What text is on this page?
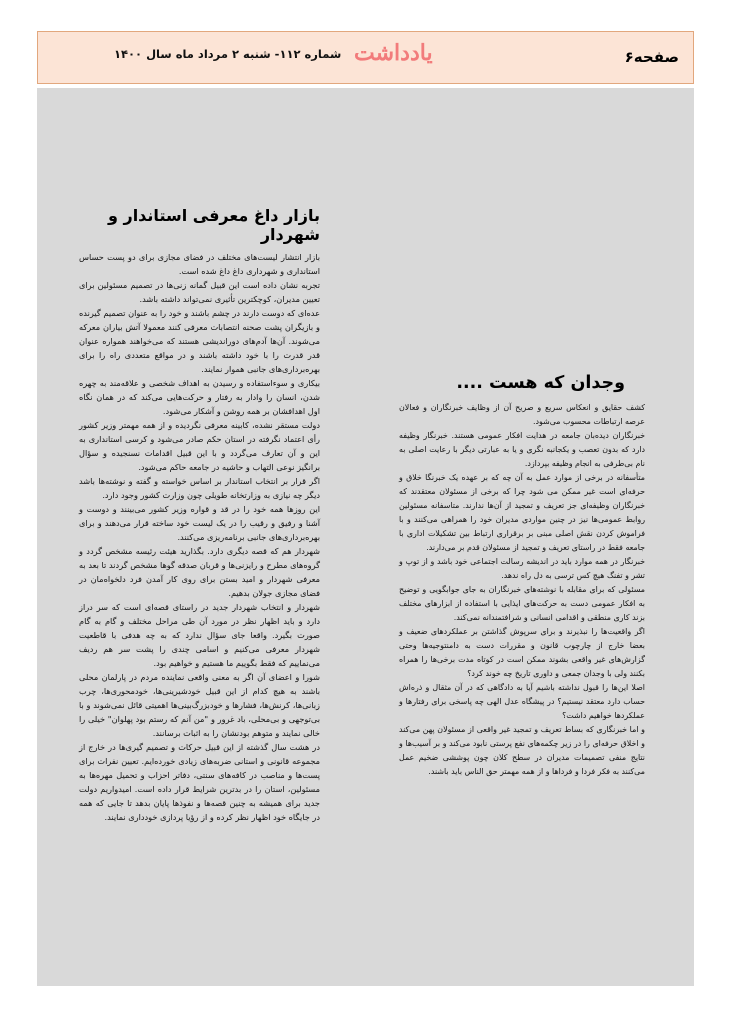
صفحه۶
یادداشت
شماره ۱۱۲- شنبه ۲ مرداد ماه سال ۱۴۰۰
بازار داغ معرفی استاندار و شهردار

بازار انتشار لیست‌های مختلف در فضای مجازی برای دو پست حساس استانداری و شهرداری داغ داغ شده است.

تجربه نشان داده است این قبیل گمانه زنی‌ها در تصمیم مسئولین برای تعیین مدیران، کوچکترین تأثیری نمی‌تواند داشته باشد.

عده‌ای که دوست دارند در چشم باشند و خود را به عنوان تصمیم گیرنده و بازیگران پشت صحنه انتصابات معرفی کنند معمولا آتش بیاران معرکه می‌شوند. آن‌ها آدم‌های دوراندیشی هستند که می‌خواهند همواره عنوان قدر قدرت را با خود داشته باشند و در مواقع متعددی راه را برای بهره‌برداری‌های جانبی هموار نمایند.

بیکاری و سوءاستفاده و رسیدن به اهداف شخصی و علاقه‌مند به چهره شدن، انسان را وادار به رفتار و حرکت‌هایی می‌کند که در همان نگاه اول اهدافشان بر همه روشن و آشکار می‌شود.

دولت مستقر نشده، کابینه معرفی نگردیده و از همه مهمتر وزیر کشور رأی اعتماد نگرفته در استان حکم صادر می‌شود و کرسی استانداری به این و آن تعارف می‌گردد و با این قبیل اقدامات نسنجیده و سؤال برانگیز نوعی التهاب و حاشیه در جامعه حاکم می‌شود.

اگر قرار بر انتخاب استاندار بر اساس خواسته و گفته و نوشته‌ها باشد دیگر چه نیازی به وزارتخانه طویلی چون وزارت کشور وجود دارد.

این روزها همه خود را در قد و قواره وزیر کشور می‌بینند و دوست و آشنا و رفیق و رقیب را در یک لیست خود ساخته قرار می‌دهند و برای بهره‌برداری‌های جانبی برنامه‌ریزی می‌کنند.

شهردار هم که قصه دیگری دارد. بگذارید هیئت رئیسه مشخص گردد و گروه‌های مطرح و رایزنی‌ها و قربان صدقه گوها مشخص گردند تا بعد به معرفی شهردار و امید بستن برای روی کار آمدن فرد دلخواه‌مان در فضای مجازی جولان بدهیم.

شهردار و انتخاب شهردار جدید در راستای قصه‌ای است که سر دراز دارد و باید اظهار نظر در مورد آن طی مراحل مختلف و گام به گام صورت بگیرد. واقعا جای سؤال ندارد که به چه هدفی با قاطعیت شهردار معرفی می‌کنیم و اسامی چندی را پشت سر هم ردیف می‌نماییم که فقط بگوییم ما هستیم و خواهیم بود.

شورا و اعضای آن اگر به معنی واقعی نماینده مردم در پارلمان محلی باشند به هیچ کدام از این قبیل خودشیرینی‌ها، خودمحوری‌ها، چرب زبانی‌ها، کرنش‌ها، فشارها و خودبزرگ‌بینی‌ها اهمیتی قائل نمی‌شوند و با بی‌توجهی و بی‌محلی، باد غرور و "من آنم که رستم بود پهلوان" خیلی را خالی نمایند و متوهم بودنشان را به اثبات برسانند.

در هشت سال گذشته از این قبیل حرکات و تصمیم گیری‌ها در خارج از مجموعه قانونی و استانی ضربه‌های زیادی خورده‌ایم. تعیین نفرات برای پست‌ها و مناصب در کافه‌های سنتی، دفاتر احزاب و تحمیل مهره‌ها به مسئولین، استان را در بدترین شرایط قرار داده است. امیدواریم دولت جدید برای همیشه به چنین قصه‌ها و نفوذها پایان بدهد تا جایی که همه در جایگاه خود اظهار نظر کرده و از رؤیا پردازی خودداری نمایند.

وجدان که هست ....

کشف حقایق و انعکاس سریع و صریح آن از وظایف خبرنگاران و فعالان عرصه ارتباطات محسوب می‌شود.

خبرنگاران دیده‌بان جامعه در هدایت افکار عمومی هستند. خبرنگار وظیفه دارد که بدون تعصب و یکجانبه نگری و یا به عبارتی دیگر با رعایت اصلی به نام بی‌طرفی به انجام وظیفه بپردازد.

متأسفانه در برخی از موارد عمل به آن چه که بر عهده یک خبرنگا خلاق و حرفه‌ای است غیر ممکن می شود چرا که برخی از مسئولان معتقدند که خبرنگاران وظیفه‌ای جز تعریف و تمجید از آن‌ها ندارند. متاسفانه مسئولین روابط عمومی‌ها نیز در چنین مواردی مدیران خود را همراهی می‌کنند و با فراموش کردن نقش اصلی مبنی بر برقراری ارتباط بین تشکیلات اداری با جامعه فقط در راستای تعریف و تمجید از مسئولان قدم بر می‌دارند.

خبرنگار در همه موارد باید در اندیشه رسالت اجتماعی خود باشد و از توپ و تشر و تفنگ هیچ کس ترسی به دل راه ندهد.

مسئولی که برای مقابله با نوشته‌های خبرنگاران به جای جوابگویی و توضیح به افکار عمومی دست به حرکت‌های ایذایی با استفاده از ابزارهای مختلف بزند کاری منطقی و اقدامی انسانی و شرافتمندانه نمی‌کند.

اگر واقعیت‌ها را نبذیرند و برای سرپوش گذاشتن بر عملکردهای ضعیف و بعضا خارج از چارچوب قانون و مقررات دست به دامنتوجیه‌ها وحتی گزارش‌های غیر واقعی بشوند ممکن است در کوتاه مدت برخی‌ها را همراه بکنند ولی با وجدان جمعی و داوری تاریخ چه خوند کرد؟

اصلا این‌ها را قبول نداشته باشیم آیا به دادگاهی که در آن مثقال و ذره‌اش حساب دارد معتقد نیستیم؟ در پیشگاه عدل الهی چه پاسخی برای رفتارها و عملکردها خواهیم داشت؟

و اما خبرنگاری که بساط تعریف و تمجید غیر واقعی از مسئولان پهن می‌کند و اخلاق حرفه‌ای را در زیر چکمه‌های نفع پرستی نابود می‌کند و بر آسیب‌ها و نتایج منفی تصمیمات مدیران در سطح کلان چون پوششی ضخیم عمل می‌کنند به فکر فردا و فرداها و از همه مهمتر حق الناس باید باشند.
